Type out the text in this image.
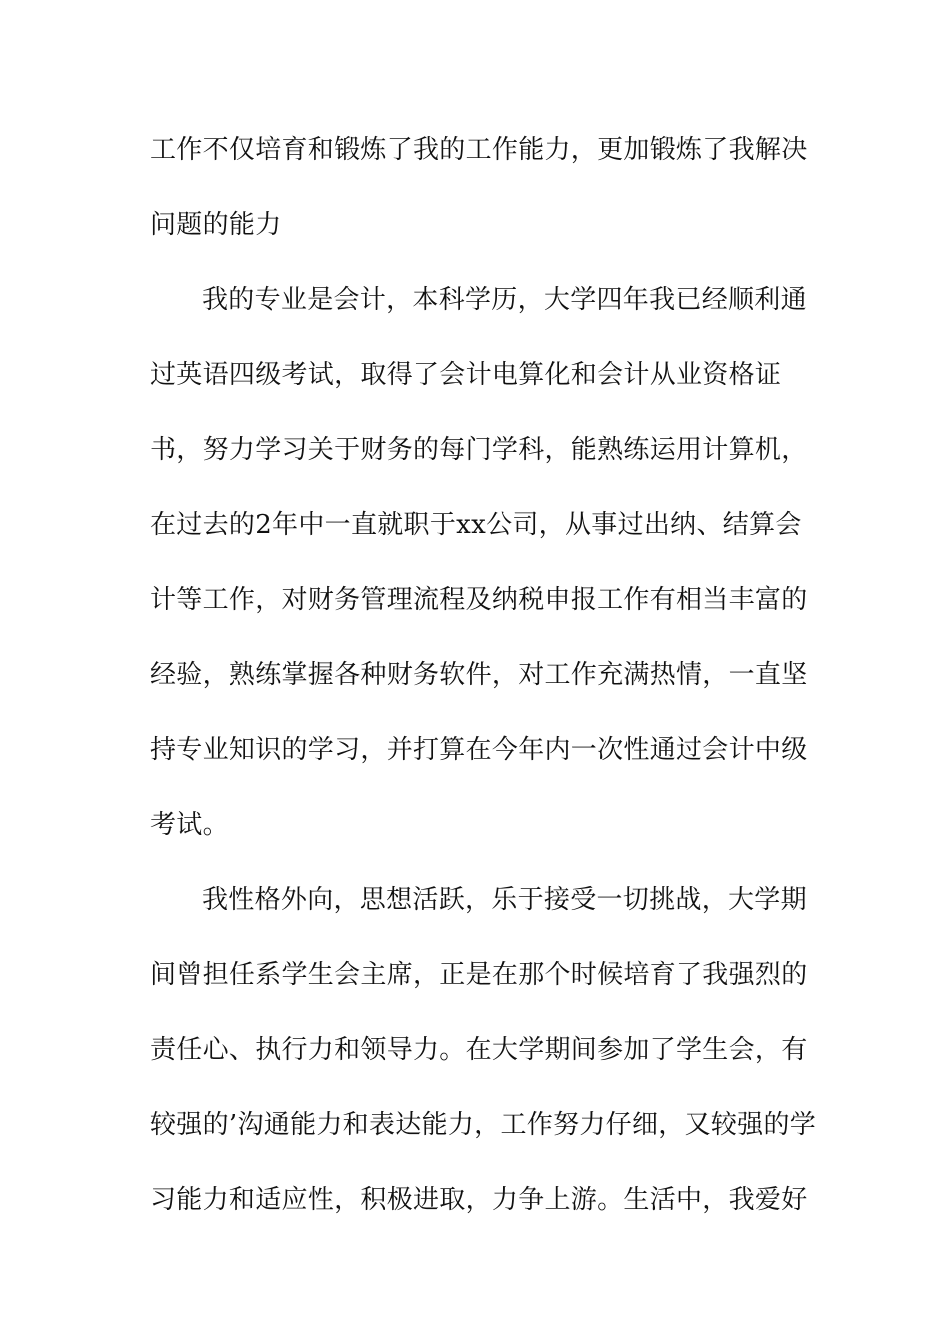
工作不仅培育和锻炼了我的工作能力，更加锻炼了我解决
问题的能力
我的专业是会计，本科学历，大学四年我已经顺利通
过英语四级考试，取得了会计电算化和会计从业资格证
书，努力学习关于财务的每门学科，能熟练运用计算机，
在过去的2年中一直就职于xx公司，从事过出纳、结算会
计等工作，对财务管理流程及纳税申报工作有相当丰富的
经验，熟练掌握各种财务软件，对工作充满热情，一直坚
持专业知识的学习，并打算在今年内一次性通过会计中级
考试。
我性格外向，思想活跃，乐于接受一切挑战，大学期
间曾担任系学生会主席，正是在那个时候培育了我强烈的
责任心、执行力和领导力。在大学期间参加了学生会，有
较强的’沟通能力和表达能力，工作努力仔细，又较强的学
习能力和适应性，积极进取，力争上游。生活中，我爱好
